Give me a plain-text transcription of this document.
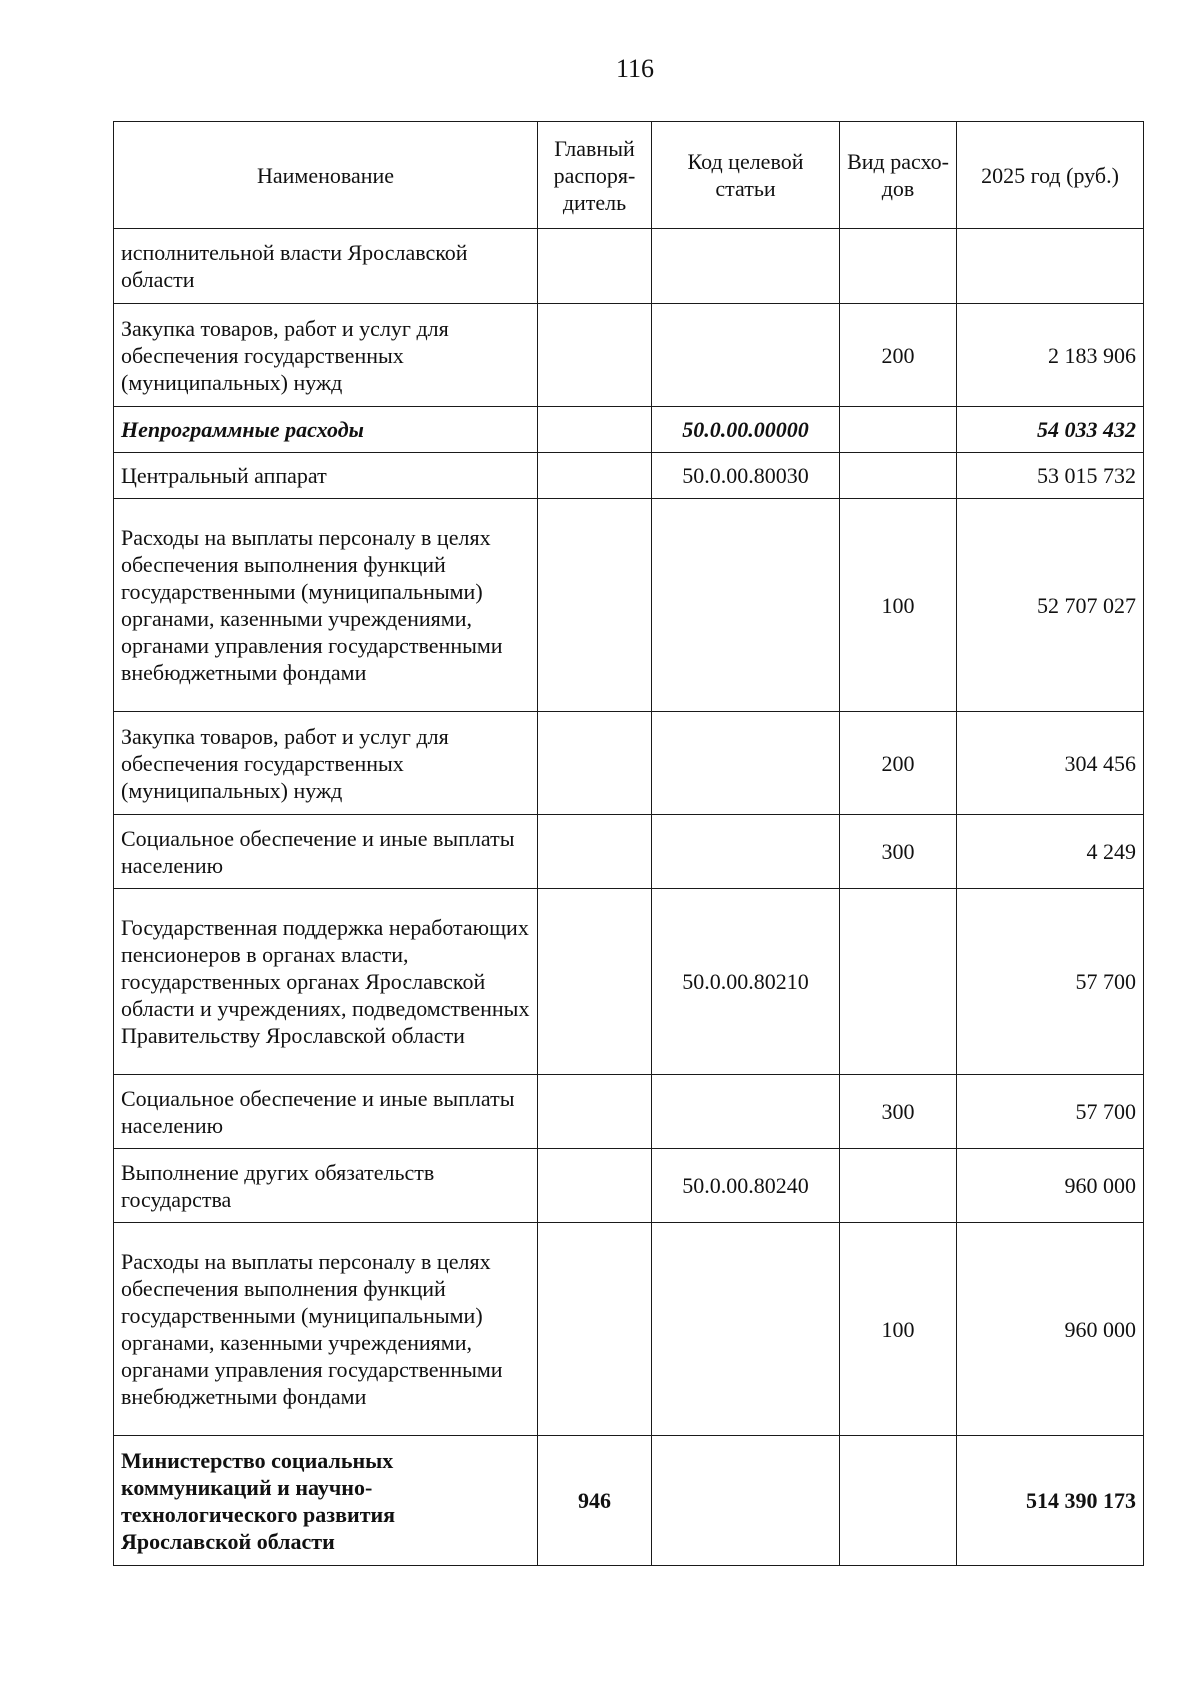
116
Наименование	Главный распоря-дитель	Код целевой статьи	Вид расхо-дов	2025 год (руб.)
исполнительной власти Ярославской области				
Закупка товаров, работ и услуг для обеспечения государственных (муниципальных) нужд			200	2 183 906
Непрограммные расходы		50.0.00.00000		54 033 432
Центральный аппарат		50.0.00.80030		53 015 732
Расходы на выплаты персоналу в целях обеспечения выполнения функций государственными (муниципальными) органами, казенными учреждениями, органами управления государственными внебюджетными фондами			100	52 707 027
Закупка товаров, работ и услуг для обеспечения государственных (муниципальных) нужд			200	304 456
Социальное обеспечение и иные выплаты населению			300	4 249
Государственная поддержка неработающих пенсионеров в органах власти, государственных органах Ярославской области и учреждениях, подведомственных Правительству Ярославской области		50.0.00.80210		57 700
Социальное обеспечение и иные выплаты населению			300	57 700
Выполнение других обязательств государства		50.0.00.80240		960 000
Расходы на выплаты персоналу в целях обеспечения выполнения функций государственными (муниципальными) органами, казенными учреждениями, органами управления государственными внебюджетными фондами			100	960 000
Министерство социальных коммуникаций и научно-технологического развития Ярославской области	946			514 390 173
